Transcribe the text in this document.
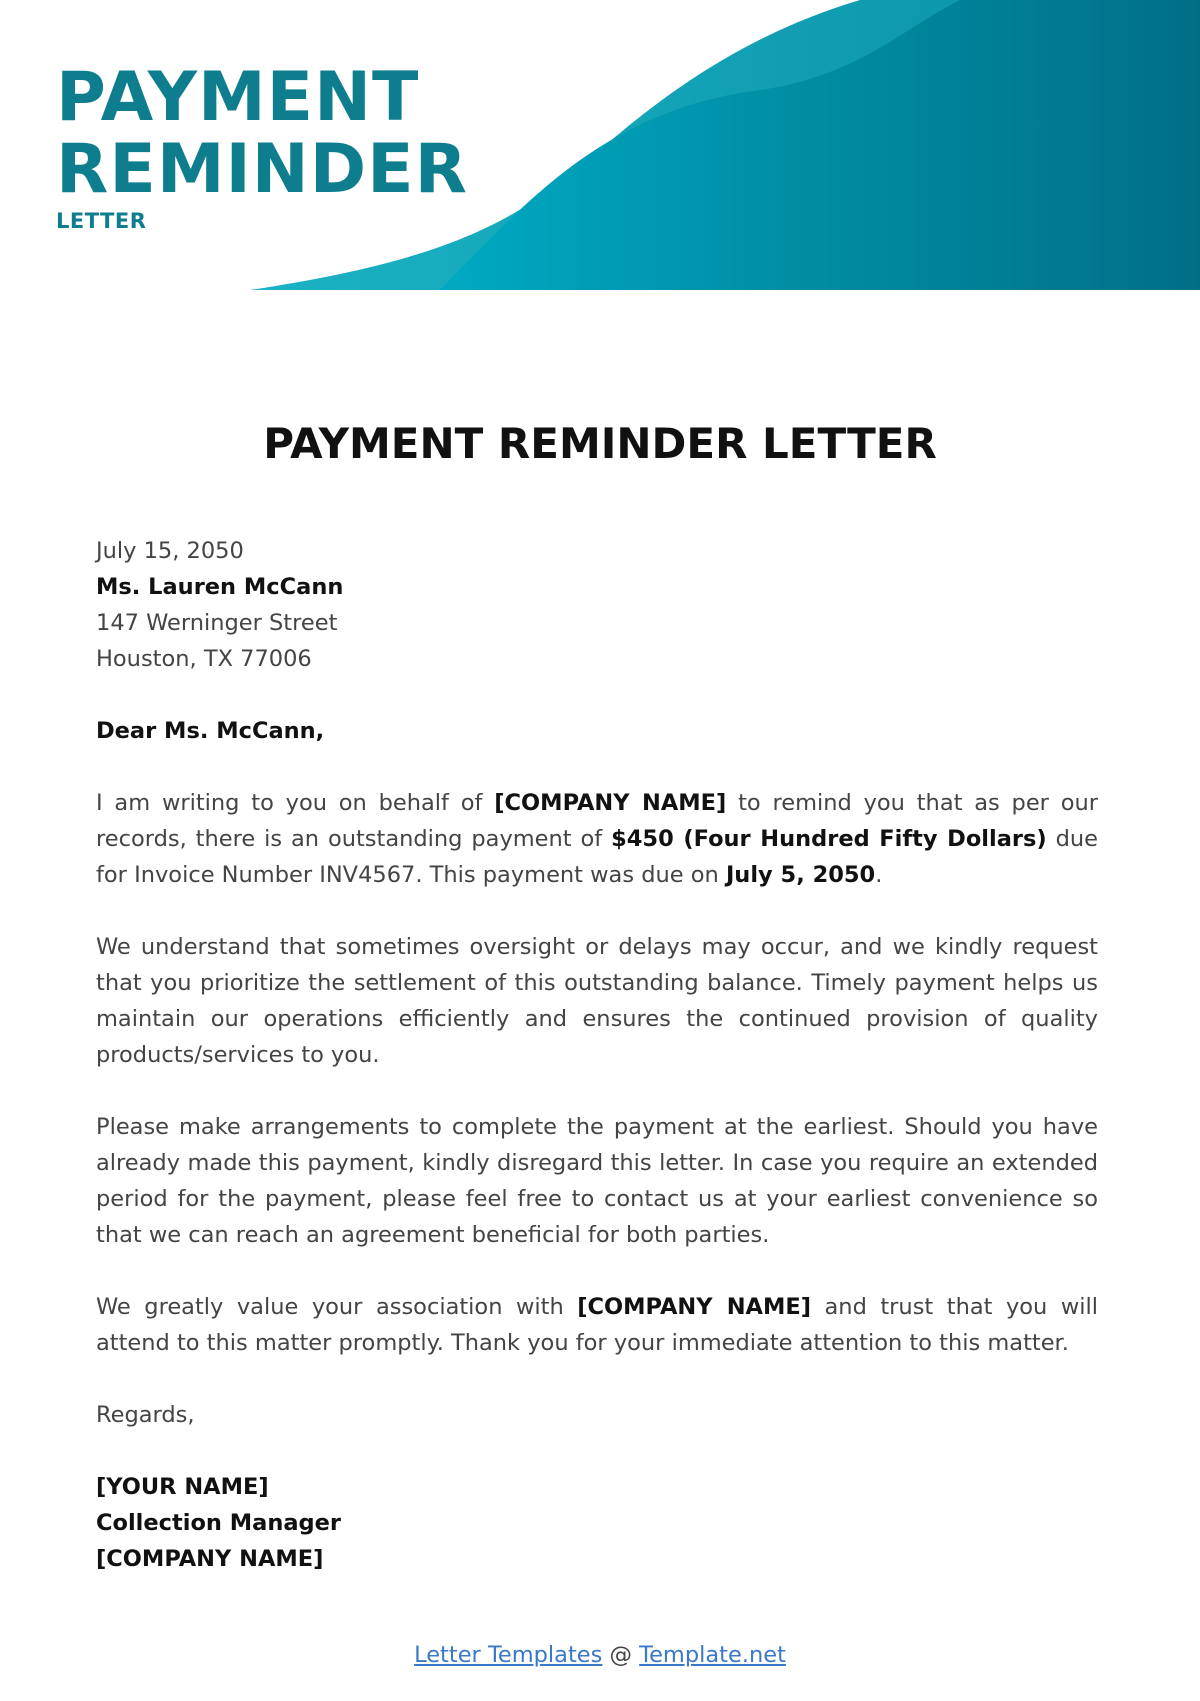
PAYMENT
REMINDER
LETTER
PAYMENT REMINDER LETTER

July 15, 2050

Ms. Lauren McCann

147 Werninger Street

Houston, TX 77006

Dear Ms. McCann,

I am writing to you on behalf of [COMPANY NAME] to remind you that as per our records, there is an outstanding payment of $450 (Four Hundred Fifty Dollars) due for Invoice Number INV4567. This payment was due on July 5, 2050.

We understand that sometimes oversight or delays may occur, and we kindly request that you prioritize the settlement of this outstanding balance. Timely payment helps us maintain our operations efficiently and ensures the continued provision of quality products/services to you.

Please make arrangements to complete the payment at the earliest. Should you have already made this payment, kindly disregard this letter. In case you require an extended period for the payment, please feel free to contact us at your earliest convenience so that we can reach an agreement beneficial for both parties.

We greatly value your association with [COMPANY NAME] and trust that you will attend to this matter promptly. Thank you for your immediate attention to this matter.

Regards,

[YOUR NAME]

Collection Manager

[COMPANY NAME]

Letter Templates @ Template.net
